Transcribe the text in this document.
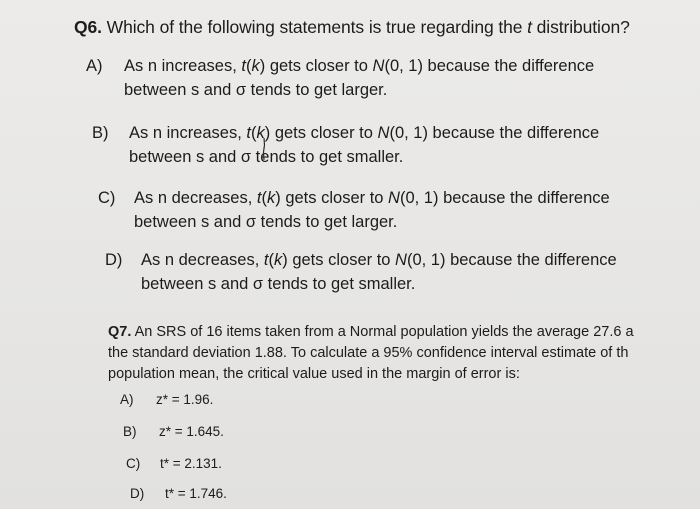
Q6. Which of the following statements is true regarding the t distribution?
A) As n increases, t(k) gets closer to N(0, 1) because the difference
between s and σ tends to get larger.
B) As n increases, t(k) gets closer to N(0, 1) because the difference
between s and σ tends to get smaller.
C) As n decreases, t(k) gets closer to N(0, 1) because the difference
between s and σ tends to get larger.
D) As n decreases, t(k) gets closer to N(0, 1) because the difference
between s and σ tends to get smaller.
Q7. An SRS of 16 items taken from a Normal population yields the average 27.6 a
the standard deviation 1.88. To calculate a 95% confidence interval estimate of th
population mean, the critical value used in the margin of error is:
A) z* = 1.96.
B) z* = 1.645.
C) t* = 2.131.
D) t* = 1.746.
